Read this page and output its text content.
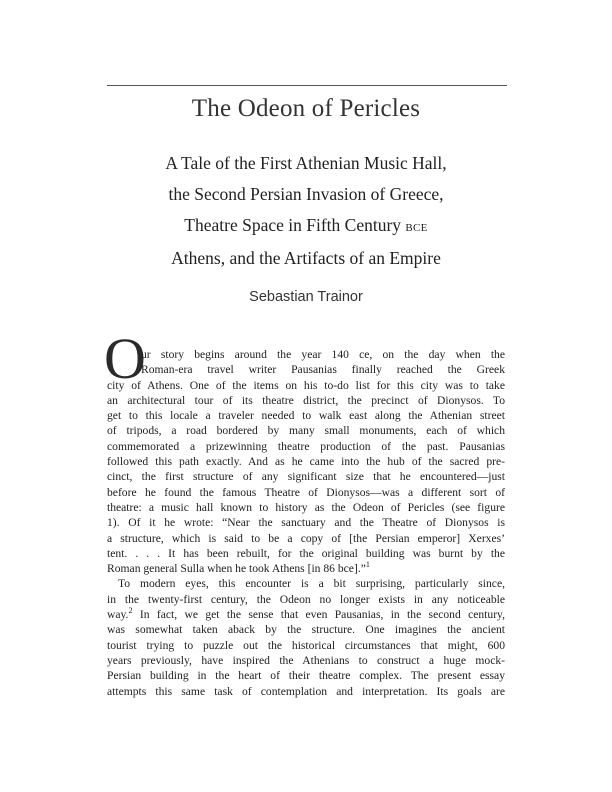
The Odeon of Pericles
A Tale of the First Athenian Music Hall,
the Second Persian Invasion of Greece,
Theatre Space in Fifth Century bce
Athens, and the Artifacts of an Empire
Sebastian Trainor
O
ur story begins around the year 140 ce, on the day when the
Roman-era travel writer Pausanias finally reached the Greek
city of Athens. One of the items on his to-do list for this city was to take
an architectural tour of its theatre district, the precinct of Dionysos. To
get to this locale a traveler needed to walk east along the Athenian street
of tripods, a road bordered by many small monuments, each of which
commemorated a prizewinning theatre production of the past. Pausanias
followed this path exactly. And as he came into the hub of the sacred pre-
cinct, the first structure of any significant size that he encountered—just
before he found the famous Theatre of Dionysos—was a different sort of
theatre: a music hall known to history as the Odeon of Pericles (see figure
1). Of it he wrote: “Near the sanctuary and the Theatre of Dionysos is
a structure, which is said to be a copy of [the Persian emperor] Xerxes’
tent. . . . It has been rebuilt, for the original building was burnt by the
Roman general Sulla when he took Athens [in 86 bce].”$^1$
To modern eyes, this encounter is a bit surprising, particularly since,
in the twenty-first century, the Odeon no longer exists in any noticeable
way.$^2$ In fact, we get the sense that even Pausanias, in the second century,
was somewhat taken aback by the structure. One imagines the ancient
tourist trying to puzzle out the historical circumstances that might, 600
years previously, have inspired the Athenians to construct a huge mock-
Persian building in the heart of their theatre complex. The present essay
attempts this same task of contemplation and interpretation. Its goals are
